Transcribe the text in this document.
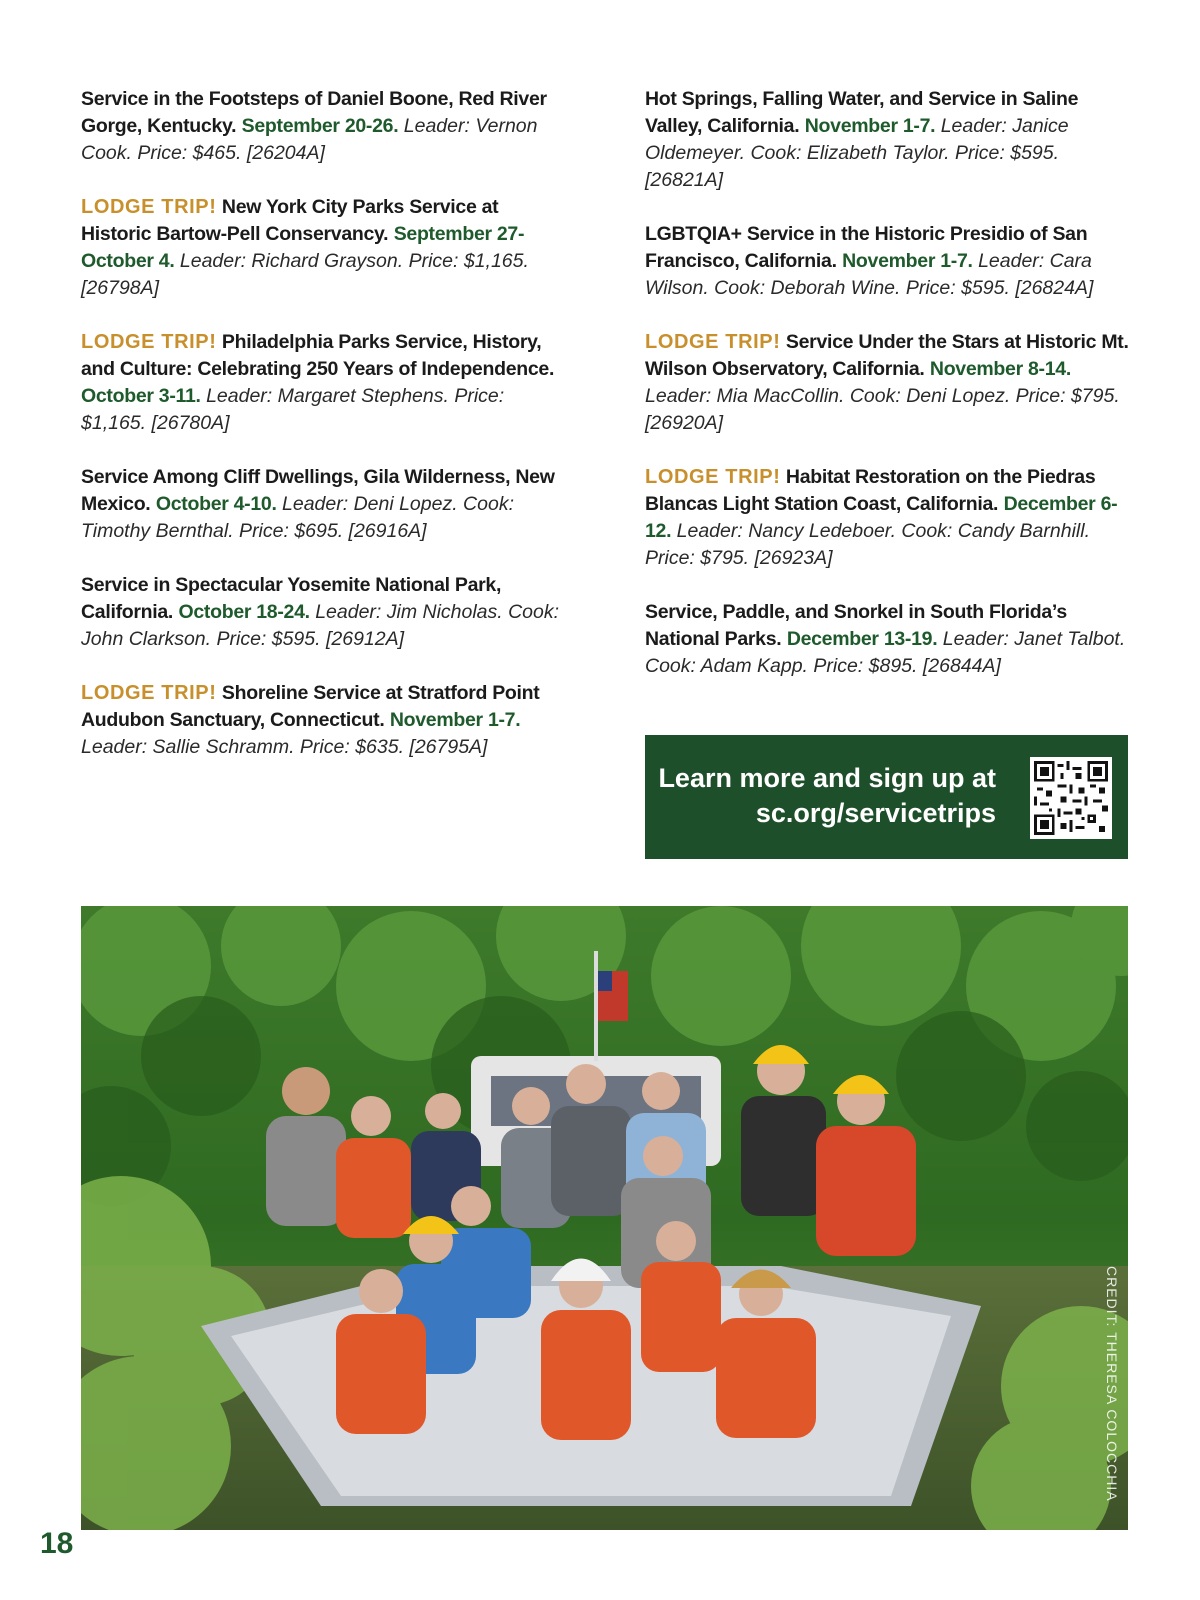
Service in the Footsteps of Daniel Boone, Red River Gorge, Kentucky. September 20-26. Leader: Vernon Cook. Price: $465. [26204A]

LODGE TRIP! New York City Parks Service at Historic Bartow-Pell Conservancy. September 27-October 4. Leader: Richard Grayson. Price: $1,165. [26798A]

LODGE TRIP! Philadelphia Parks Service, History, and Culture: Celebrating 250 Years of Independence. October 3-11. Leader: Margaret Stephens. Price: $1,165. [26780A]

Service Among Cliff Dwellings, Gila Wilderness, New Mexico. October 4-10. Leader: Deni Lopez. Cook: Timothy Bernthal. Price: $695. [26916A]

Service in Spectacular Yosemite National Park, California. October 18-24. Leader: Jim Nicholas. Cook: John Clarkson. Price: $595. [26912A]

LODGE TRIP! Shoreline Service at Stratford Point Audubon Sanctuary, Connecticut. November 1-7. Leader: Sallie Schramm. Price: $635. [26795A]

Hot Springs, Falling Water, and Service in Saline Valley, California. November 1-7. Leader: Janice Oldemeyer. Cook: Elizabeth Taylor. Price: $595. [26821A]

LGBTQIA+ Service in the Historic Presidio of San Francisco, California. November 1-7. Leader: Cara Wilson. Cook: Deborah Wine. Price: $595. [26824A]

LODGE TRIP! Service Under the Stars at Historic Mt. Wilson Observatory, California. November 8-14. Leader: Mia MacCollin. Cook: Deni Lopez. Price: $795. [26920A]

LODGE TRIP! Habitat Restoration on the Piedras Blancas Light Station Coast, California. December 6-12. Leader: Nancy Ledeboer. Cook: Candy Barnhill. Price: $795. [26923A]

Service, Paddle, and Snorkel in South Florida’s National Parks. December 13-19. Leader: Janet Talbot. Cook: Adam Kapp. Price: $895. [26844A]

Learn more and sign up at
sc.org/servicetrips
CREDIT: THERESA COLOCCHIA
18
